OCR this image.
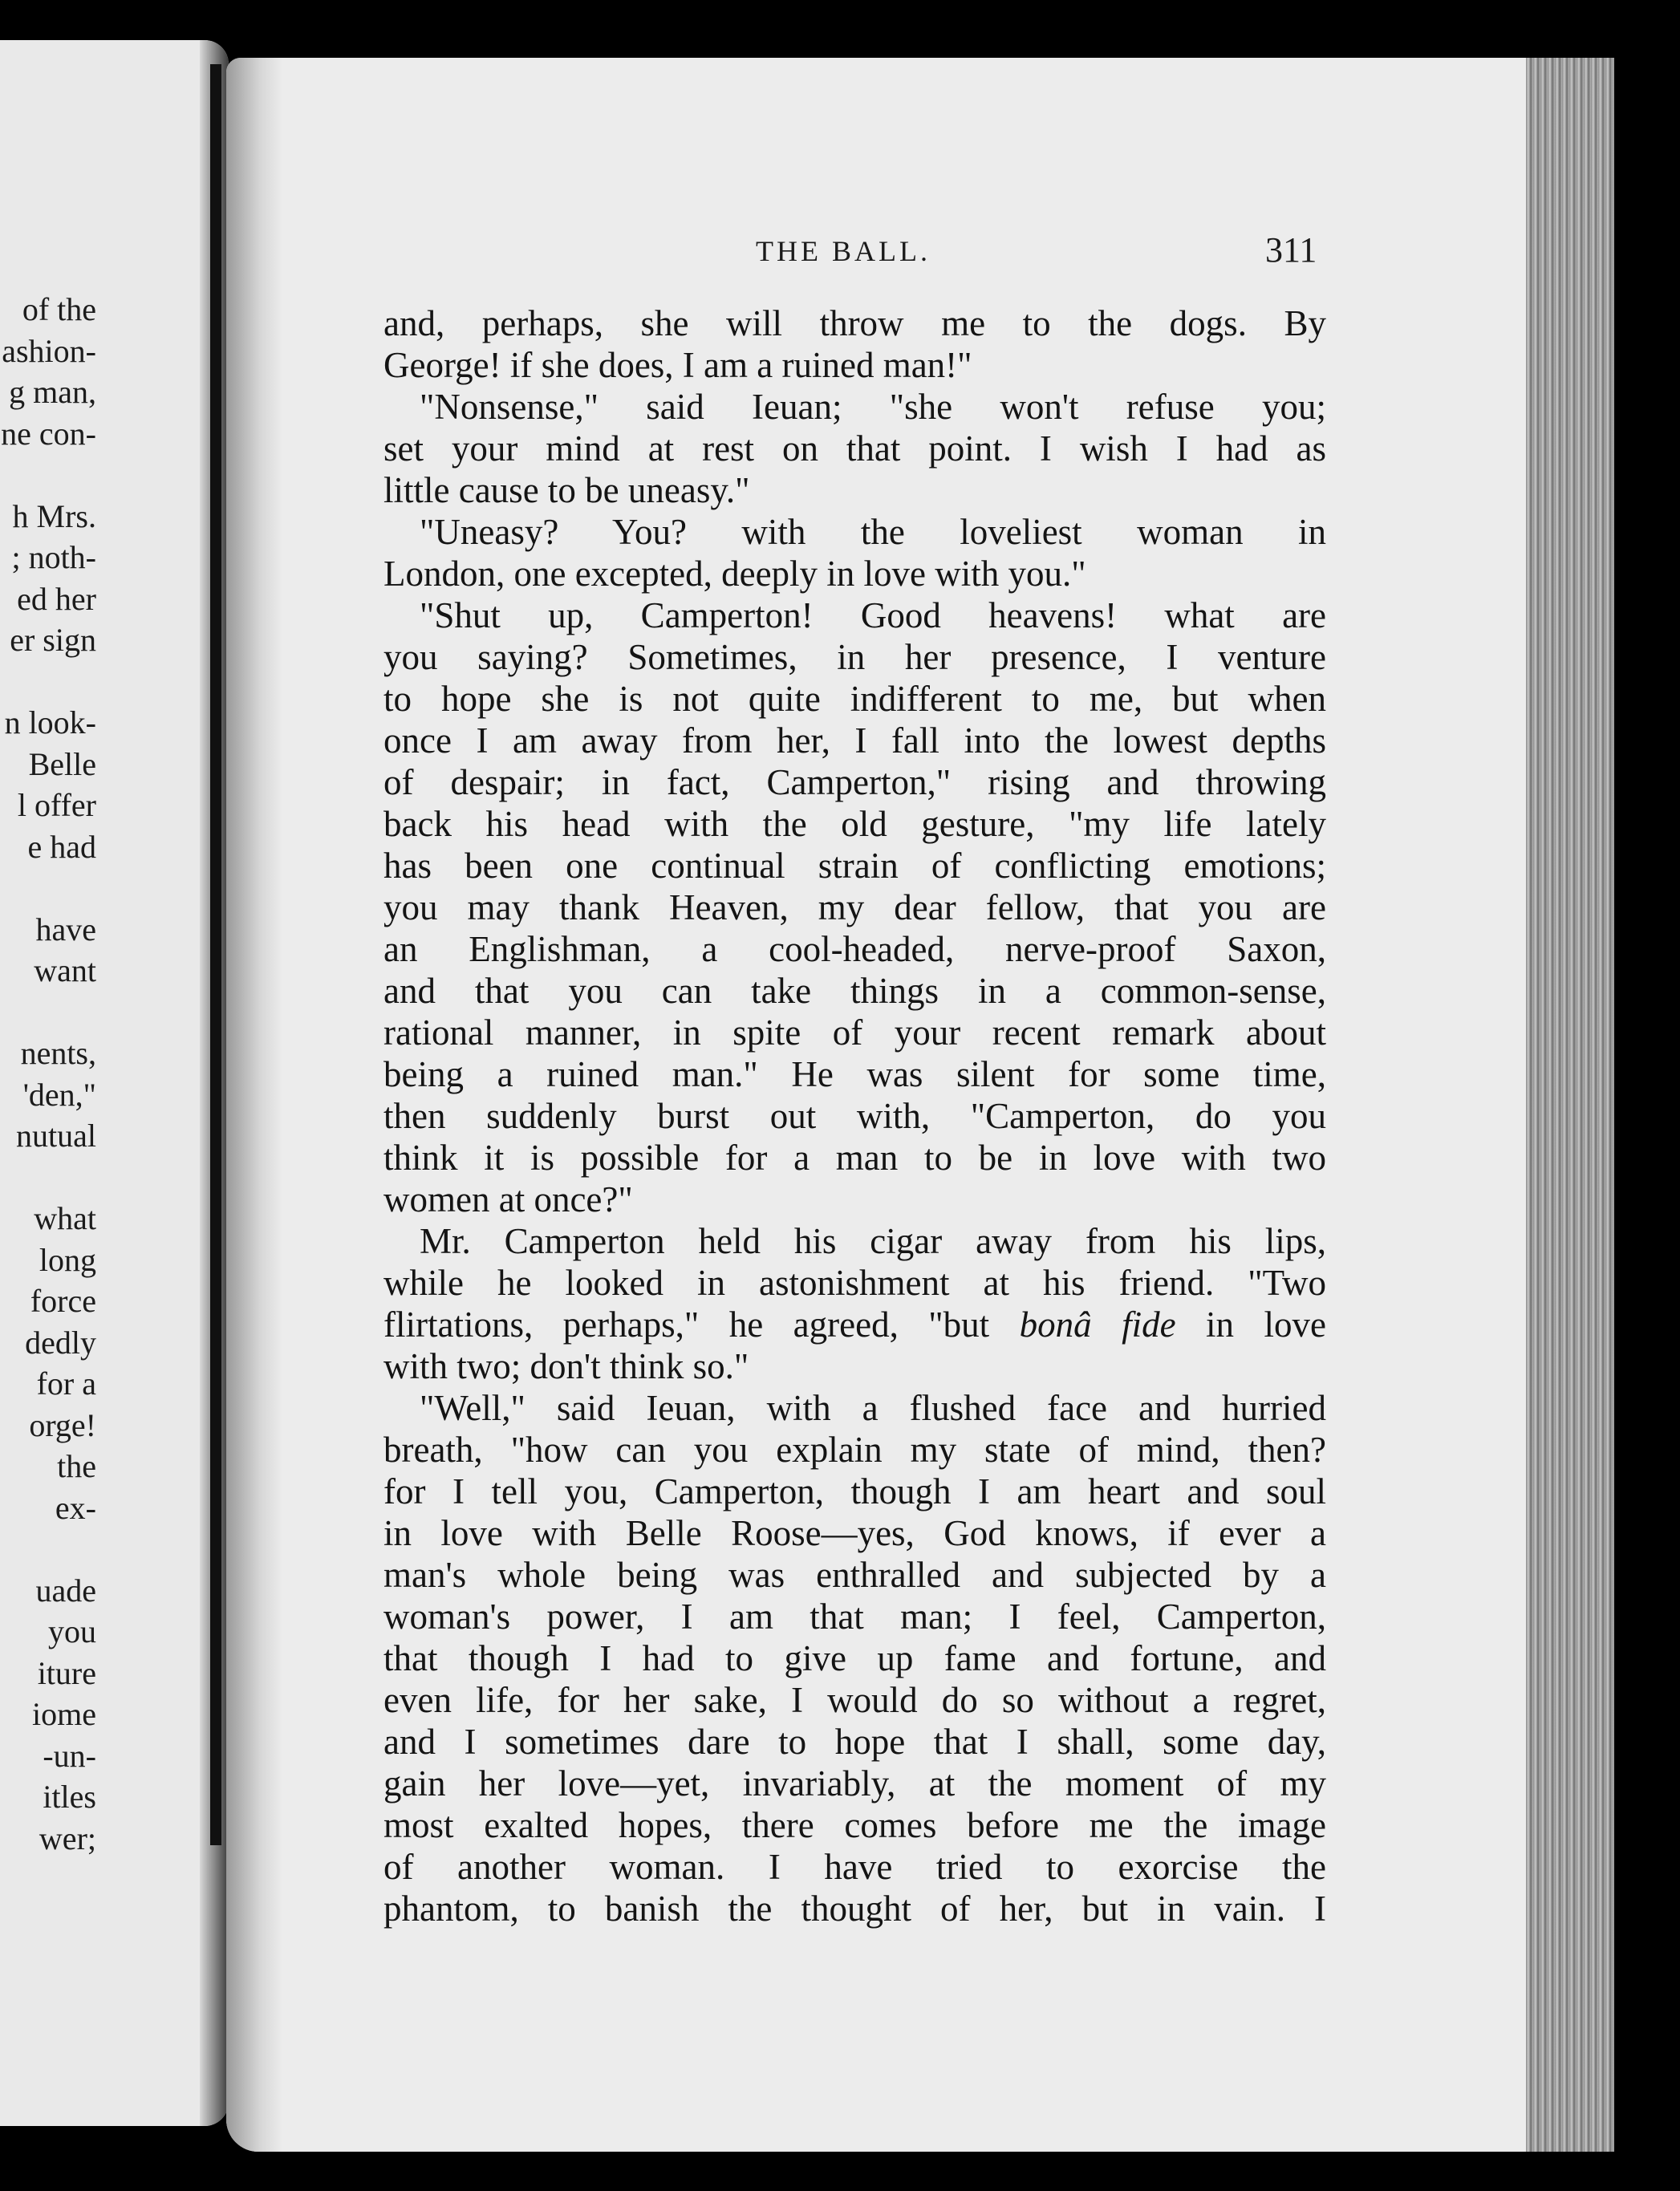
of the
ashion-
g man,
ne con-

h Mrs.
; noth-
ed her
er sign

n look-
Belle
l offer
e had

have
want

nents,
'den,"
nutual

what
long
force
dedly
for a
orge!
the
ex-

uade
you
iture
iome
-un-
itles
wer;
THE BALL.	311
and, perhaps, she will throw me to the dogs. By
George! if she does, I am a ruined man!"
"Nonsense," said Ieuan; "she won't refuse you;
set your mind at rest on that point. I wish I had as
little cause to be uneasy."
"Uneasy? You? with the loveliest woman in
London, one excepted, deeply in love with you."
"Shut up, Camperton! Good heavens! what are
you saying? Sometimes, in her presence, I venture
to hope she is not quite indifferent to me, but when
once I am away from her, I fall into the lowest depths
of despair; in fact, Camperton," rising and throwing
back his head with the old gesture, "my life lately
has been one continual strain of conflicting emotions;
you may thank Heaven, my dear fellow, that you are
an Englishman, a cool-headed, nerve-proof Saxon,
and that you can take things in a common-sense,
rational manner, in spite of your recent remark about
being a ruined man." He was silent for some time,
then suddenly burst out with, "Camperton, do you
think it is possible for a man to be in love with two
women at once?"
Mr. Camperton held his cigar away from his lips,
while he looked in astonishment at his friend. "Two
flirtations, perhaps," he agreed, "but bonâ fide in love
with two; don't think so."
"Well," said Ieuan, with a flushed face and hurried
breath, "how can you explain my state of mind, then?
for I tell you, Camperton, though I am heart and soul
in love with Belle Roose—yes, God knows, if ever a
man's whole being was enthralled and subjected by a
woman's power, I am that man; I feel, Camperton,
that though I had to give up fame and fortune, and
even life, for her sake, I would do so without a regret,
and I sometimes dare to hope that I shall, some day,
gain her love—yet, invariably, at the moment of my
most exalted hopes, there comes before me the image
of another woman. I have tried to exorcise the
phantom, to banish the thought of her, but in vain. I
